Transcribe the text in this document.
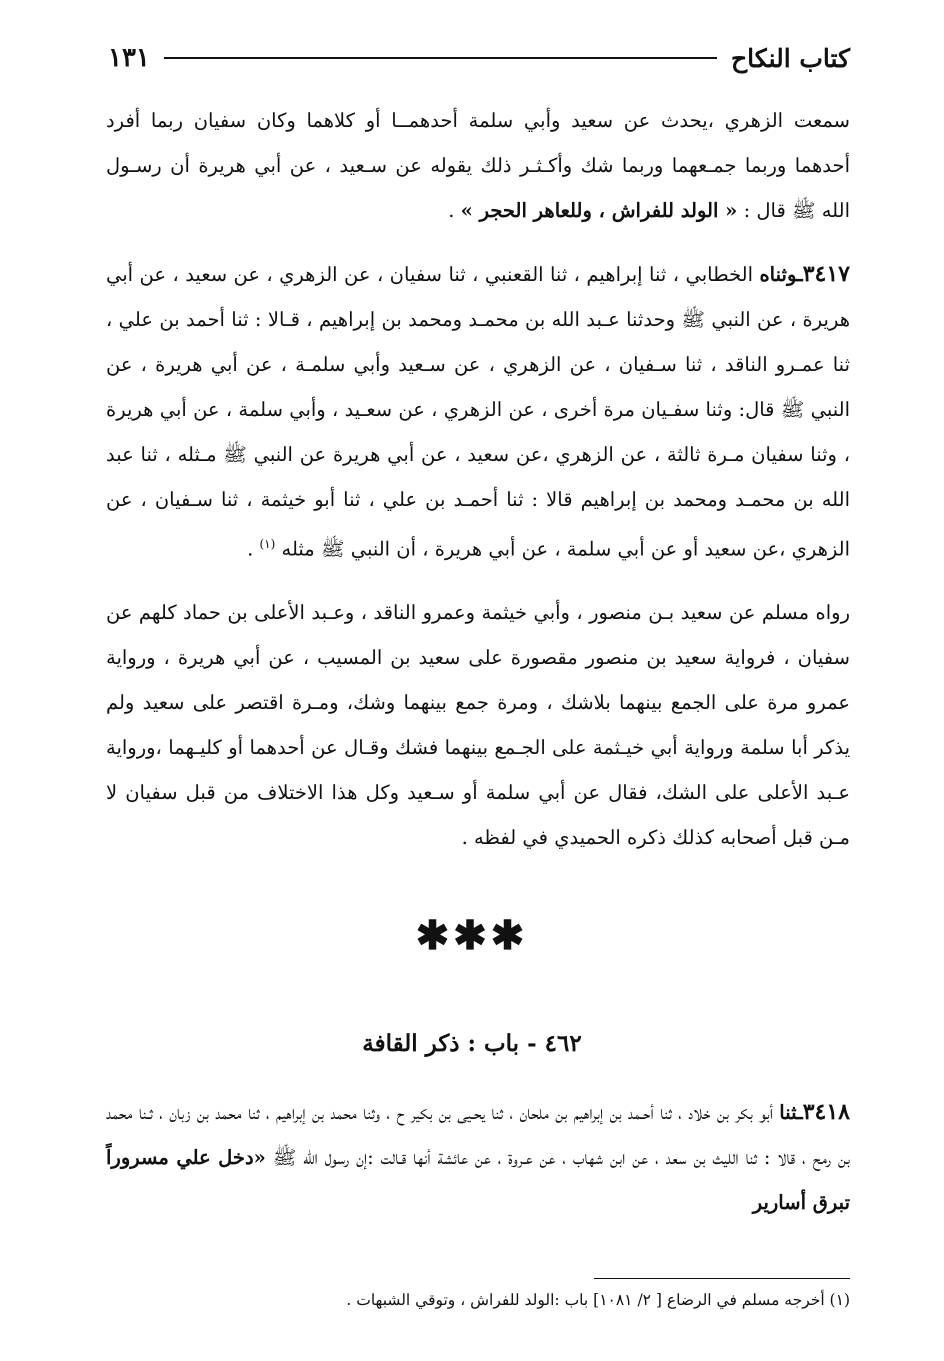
كتاب النكاح
١٣١

سمعت الزهري ،يحدث عن سعيد وأبي سلمة أحدهمــا أو كلاهما وكان سفيان ربما أفرد أحدهما وربما جمـعهما وربما شك وأكـثـر ذلك يقوله عن سـعيد ، عن أبي هريرة أن رسـول الله ﷺ قال : « الولد للفراش ، وللعاهر الحجر » .

٣٤١٧ـوثناه الخطابي ، ثنا إبراهيم ، ثنا القعنبي ، ثنا سفيان ، عن الزهري ، عن سعيد ، عن أبي هريرة ، عن النبي ﷺ وحدثنا عـبد الله بن محمـد ومحمد بن إبراهيم ، قـالا : ثنا أحمد بن علي ، ثنا عمـرو الناقد ، ثنا سـفيان ، عن الزهري ، عن سـعيد وأبي سلمـة ، عن أبي هريرة ، عن النبي ﷺ قال: وثنا سفـيان مرة أخرى ، عن الزهري ، عن سعـيد ، وأبي سلمة ، عن أبي هريرة ، وثنا سفيان مـرة ثالثة ، عن الزهري ،عن سعيد ، عن أبي هريرة عن النبي ﷺ مـثله ، ثنا عبد الله بن محمـد ومحمد بن إبراهيم قالا : ثنا أحمـد بن علي ، ثنا أبو خيثمة ، ثنا سـفيان ، عن الزهري ،عن سعيد أو عن أبي سلمة ، عن أبي هريرة ، أن النبي ﷺ مثله $^{(١)}$ .

رواه مسلم عن سعيد بـن منصور ، وأبي خيثمة وعمرو الناقد ، وعـبد الأعلى بن حماد كلهم عن سفيان ، فرواية سعيد بن منصور مقصورة على سعيد بن المسيب ، عن أبي هريرة ، ورواية عمرو مرة على الجمع بينهما بلاشك ، ومرة جمع بينهما وشك، ومـرة اقتصر على سعيد ولم يذكر أبا سلمة ورواية أبي خيـثمة على الجـمع بينهما فشك وقـال عن أحدهما أو كليـهما ،ورواية عـبد الأعلى على الشك، فقال عن أبي سلمة أو سـعيد وكل هذا الاختلاف من قبل سفيان لا مـن قبل أصحابه كذلك ذكره الحميدي في لفظه .

✱✱✱
٤٦٢ - باب : ذكر القافة

٣٤١٨ـثنا أبو بكر بن خلاد ، ثنا أحـمد بن إبراهيم بن ملحان ، ثنا يحـيى بن بكير ح ، وثنا محمد بن إبراهيم ، ثنا محمد بن زبان ، ثـنا محمد بن رمح ، قالا : ثنا الليث بن سعد ، عن ابن شهاب ، عن عـروة ، عن عائشة أنها قـالت :إن رسول الله ﷺ «دخل علي مسروراً تبرق أسارير

(١) أخرجه مسلم في الرضاع [ ٢/ ١٠٨١] باب :الولد للفراش ، وتوقي الشبهات .
